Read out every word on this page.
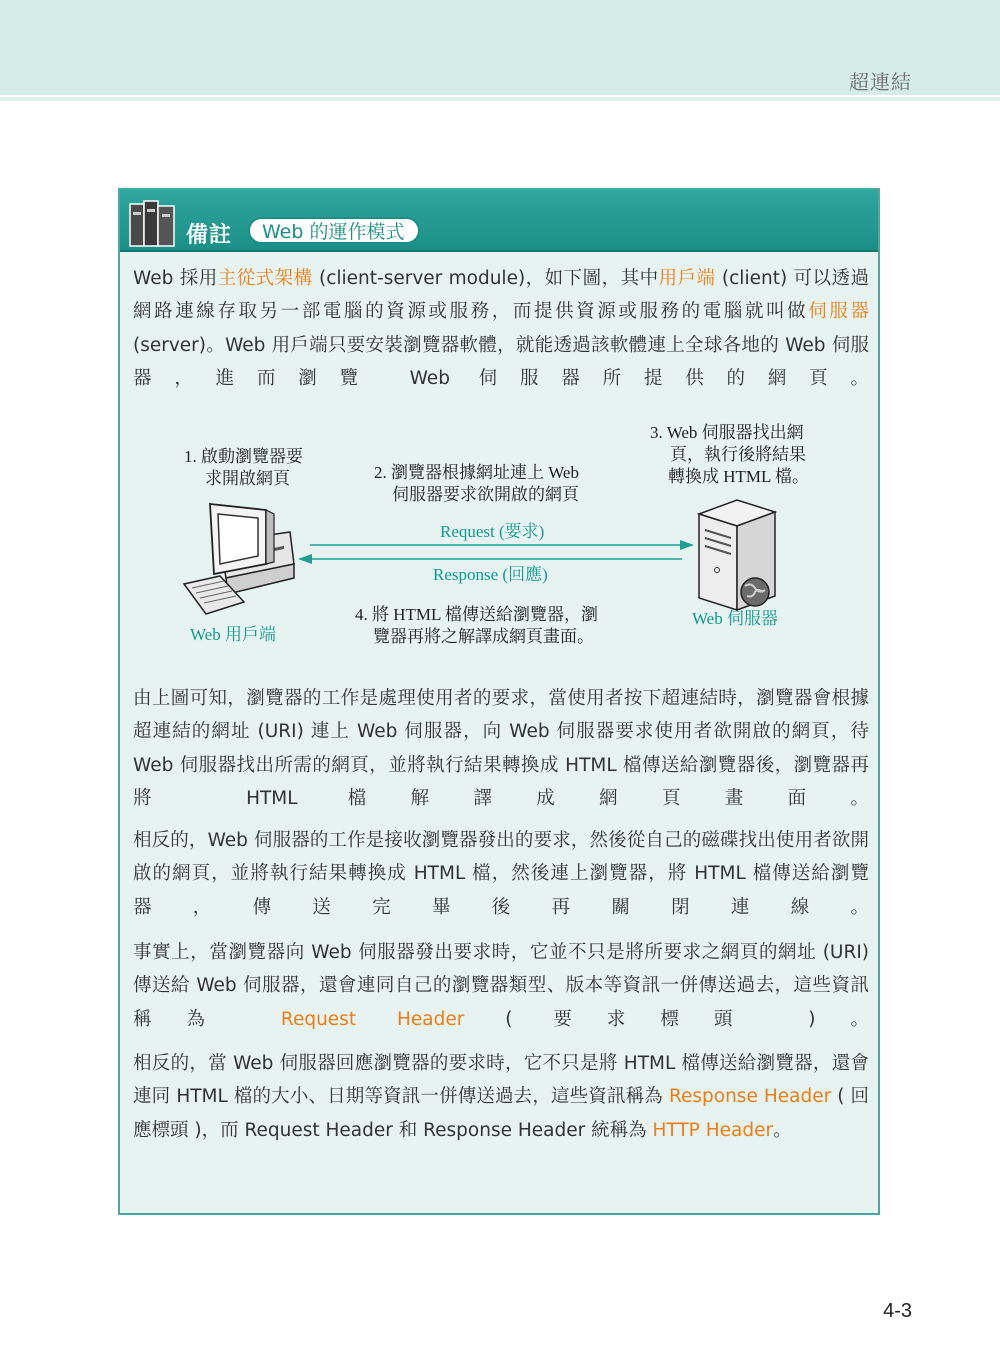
超連結
備註	Web 的運作模式

Web 採用主從式架構 (client-server module)，如下圖，其中用戶端 (client) 可以透過網路連線存取另一部電腦的資源或服務，而提供資源或服務的電腦就叫做伺服器 (server)。Web 用戶端只要安裝瀏覽器軟體，就能透過該軟體連上全球各地的 Web 伺服器，進而瀏覽 Web 伺服器所提供的網頁。

1. 啟動瀏覽器要
求開啟網頁	2. 瀏覽器根據網址連上 Web
伺服器要求欲開啟的網頁
3. Web 伺服器找出網
頁，執行後將結果
轉換成 HTML 檔。
Request (要求)
Response (回應)
4. 將 HTML 檔傳送給瀏覽器，瀏
覽器再將之解譯成網頁畫面。
Web 用戶端
Web 伺服器

由上圖可知，瀏覽器的工作是處理使用者的要求，當使用者按下超連結時，瀏覽器會根據超連結的網址 (URI) 連上 Web 伺服器，向 Web 伺服器要求使用者欲開啟的網頁，待 Web 伺服器找出所需的網頁，並將執行結果轉換成 HTML 檔傳送給瀏覽器後，瀏覽器再將 HTML 檔解譯成網頁畫面。

相反的，Web 伺服器的工作是接收瀏覽器發出的要求，然後從自己的磁碟找出使用者欲開啟的網頁，並將執行結果轉換成 HTML 檔，然後連上瀏覽器，將 HTML 檔傳送給瀏覽器，傳送完畢後再關閉連線。

事實上，當瀏覽器向 Web 伺服器發出要求時，它並不只是將所要求之網頁的網址 (URI) 傳送給 Web 伺服器，還會連同自己的瀏覽器類型、版本等資訊一併傳送過去，這些資訊稱為 Request Header ( 要求標頭 )。

相反的，當 Web 伺服器回應瀏覽器的要求時，它不只是將 HTML 檔傳送給瀏覽器，還會連同 HTML 檔的大小、日期等資訊一併傳送過去，這些資訊稱為 Response Header ( 回應標頭 )，而 Request Header 和 Response Header 統稱為 HTTP Header。

4-3
